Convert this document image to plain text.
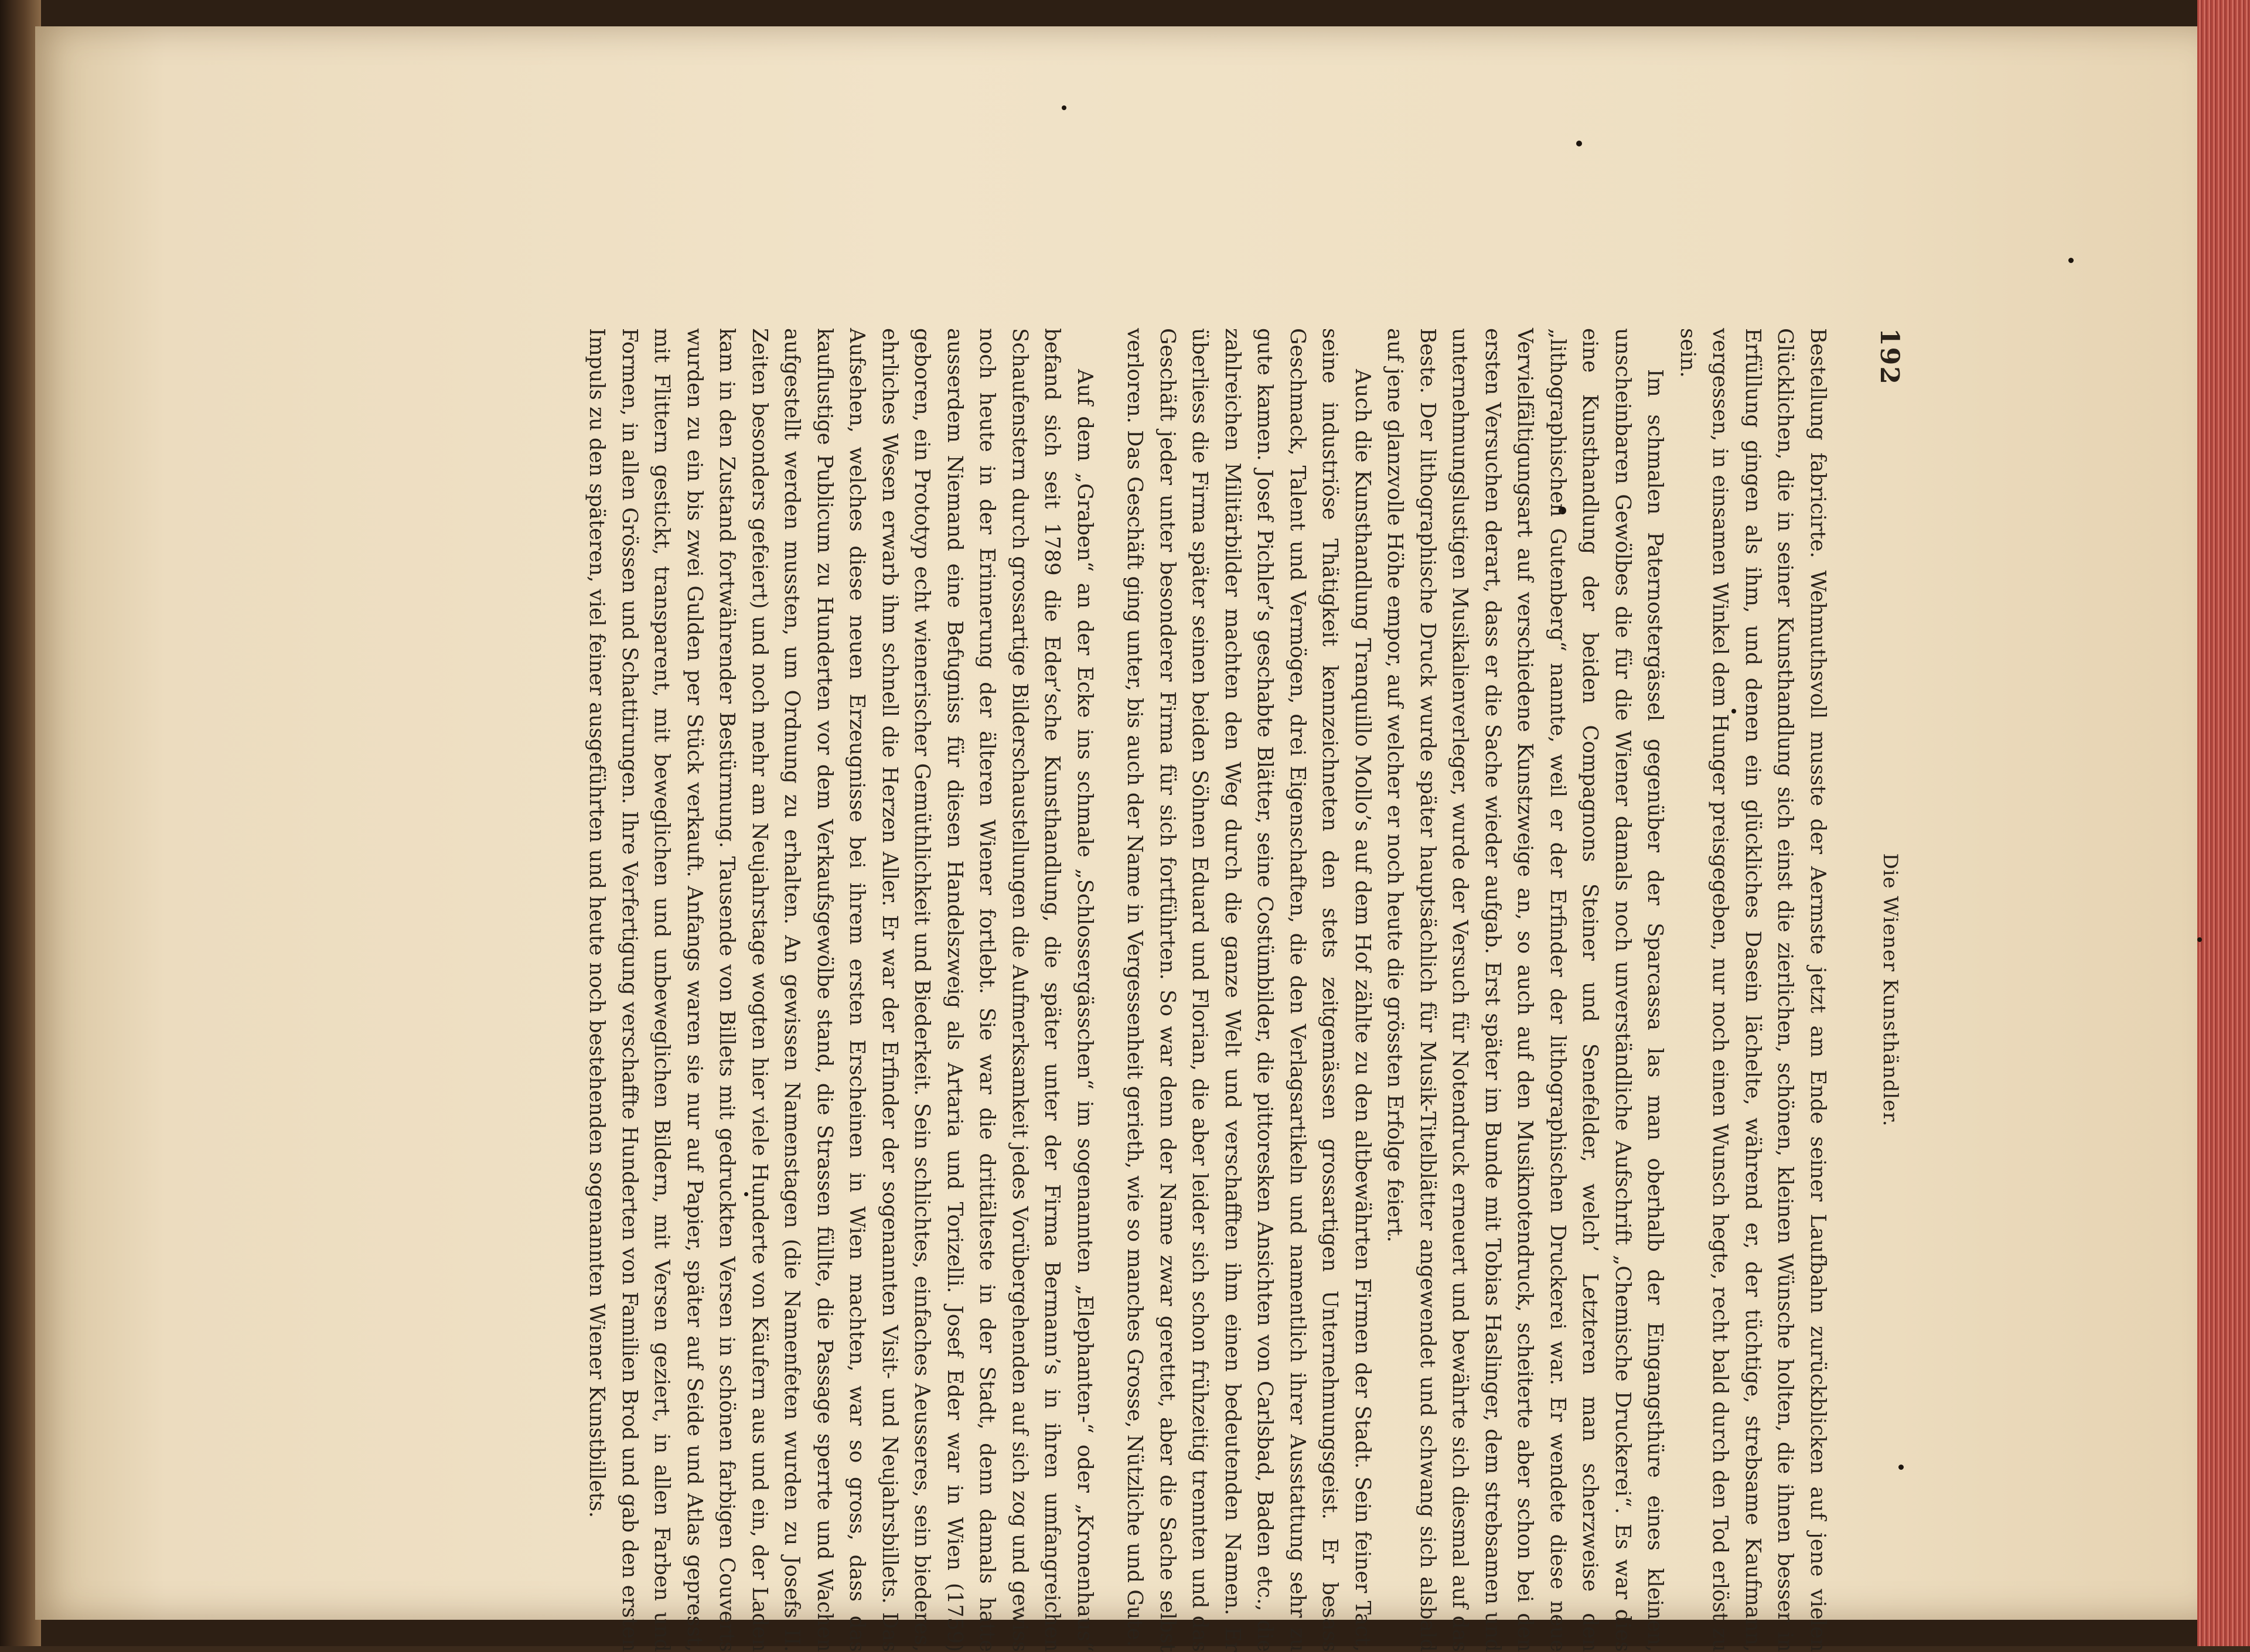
192
Die Wiener Kunsthändler.

Bestellung fabricirte. Wehmuthsvoll musste der Aermste jetzt am Ende seiner Laufbahn zurückblicken auf jene vielen Glücklichen, die in seiner Kunsthandlung sich einst die zierlichen, schönen, kleinen Wünsche holten, die ihnen besser in Erfüllung gingen als ihm, und denen ein glückliches Dasein lächelte, während er, der tüchtige, strebsame Kaufmann, vergessen, in einsamen Winkel dem Hunger preisgegeben, nur noch einen Wunsch hegte, recht bald durch den Tod erlöst zu sein.

Im schmalen Paternostergässel gegenüber der Sparcassa las man oberhalb der Eingangsthüre eines kleinen, unscheinbaren Gewölbes die für die Wiener damals noch unverständliche Aufschrift „Chemische Druckerei“. Es war dies eine Kunsthandlung der beiden Compagnons Steiner und Senefelder, welch’ Letzteren man scherzweise den „lithographischen Gutenberg“ nannte, weil er der Erfinder der lithographischen Druckerei war. Er wendete diese neue Vervielfältigungsart auf verschiedene Kunstzweige an, so auch auf den Musiknotendruck, scheiterte aber schon bei den ersten Versuchen derart, dass er die Sache wieder aufgab. Erst später im Bunde mit Tobias Haslinger, dem strebsamen und unternehmungslustigen Musikalienverleger, wurde der Versuch für Notendruck erneuert und bewährte sich diesmal auf das Beste. Der lithographische Druck wurde später hauptsächlich für Musik-Titelblätter angewendet und schwang sich alsbald auf jene glanzvolle Höhe empor, auf welcher er noch heute die grössten Erfolge feiert.

Auch die Kunsthandlung Tranquillo Mollo’s auf dem Hof zählte zu den altbewährten Firmen der Stadt. Sein feiner Tact, seine industriöse Thätigkeit kennzeichneten den stets zeitgemässen grossartigen Unternehmungsgeist. Er besass Geschmack, Talent und Vermögen, drei Eigenschaften, die den Verlagsartikeln und namentlich ihrer Ausstattung sehr zu gute kamen. Josef Pichler’s geschabte Blätter, seine Costümbilder, die pittoresken Ansichten von Carlsbad, Baden etc., die zahlreichen Militärbilder machten den Weg durch die ganze Welt und verschafften ihm einen bedeutenden Namen. Er überliess die Firma später seinen beiden Söhnen Eduard und Florian, die aber leider sich schon frühzeitig trennten und das Geschäft jeder unter besonderer Firma für sich fortführten. So war denn der Name zwar gerettet, aber die Sache selbst verloren. Das Geschäft ging unter, bis auch der Name in Vergessenheit gerieth, wie so manches Grosse, Nützliche und Gute.

Auf dem „Graben“ an der Ecke ins schmale „Schlossergässchen“ im sogenannten „Elephanten-“ oder „Kronenhaus“ befand sich seit 1789 die Eder’sche Kunsthandlung, die später unter der Firma Bermann’s in ihren umfangreichen Schaufenstern durch grossartige Bilderschaustellungen die Aufmerksamkeit jedes Vorübergehenden auf sich zog und gewiss noch heute in der Erinnerung der älteren Wiener fortlebt. Sie war die drittälteste in der Stadt, denn damals hatte ausserdem Niemand eine Befugniss für diesen Handelszweig als Artaria und Torizelli. Josef Eder war in Wien (1759) geboren, ein Prototyp echt wienerischer Gemüthlichkeit und Biederkeit. Sein schlichtes, einfaches Aeusseres, sein biederes, ehrliches Wesen erwarb ihm schnell die Herzen Aller. Er war der Erfinder der sogenannten Visit- und Neujahrsbillets. Das Aufsehen, welches diese neuen Erzeugnisse bei ihrem ersten Erscheinen in Wien machten, war so gross, dass das kauflustige Publicum zu Hunderten vor dem Verkaufsgewölbe stand, die Strassen füllte, die Passage sperrte und Wachen aufgestellt werden mussten, um Ordnung zu erhalten. An gewissen Namenstagen (die Namenfeten wurden zu Josefs II. Zeiten besonders gefeiert) und noch mehr am Neujahrstage wogten hier viele Hunderte von Käufern aus und ein, der Laden kam in den Zustand fortwährender Bestürmung. Tausende von Billets mit gedruckten Versen in schönen farbigen Couverts wurden zu ein bis zwei Gulden per Stück verkauft. Anfangs waren sie nur auf Papier, später auf Seide und Atlas gepresst, mit Flittern gestickt, transparent, mit beweglichen und unbeweglichen Bildern, mit Versen geziert, in allen Farben und Formen, in allen Grössen und Schattirungen. Ihre Verfertigung verschaffte Hunderten von Familien Brod und gab den ersten Impuls zu den späteren, viel feiner ausgeführten und heute noch bestehenden sogenannten Wiener Kunstbillets.
